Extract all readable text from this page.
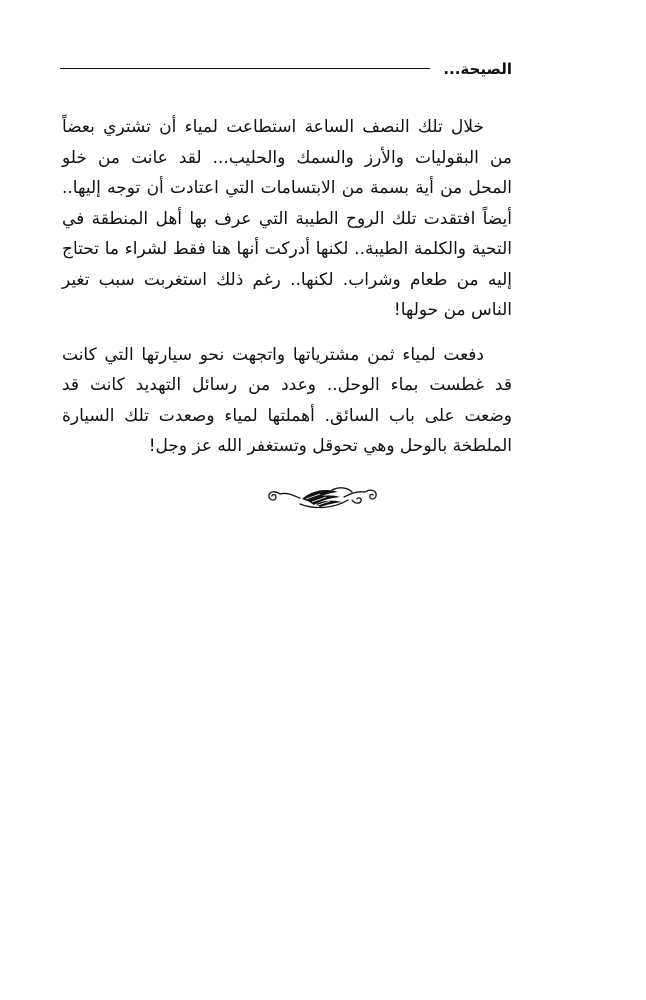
الصيحة...

خلال تلك النصف الساعة استطاعت لمياء أن تشتري بعضاً من البقوليات والأرز والسمك والحليب... لقد عانت من خلو المحل من أية بسمة من الابتسامات التي اعتادت أن توجه إليها.. أيضاً افتقدت تلك الروح الطيبة التي عرف بها أهل المنطقة في التحية والكلمة الطيبة.. لكنها أدركت أنها هنا فقط لشراء ما تحتاج إليه من طعام وشراب. لكنها.. رغم ذلك استغربت سبب تغير الناس من حولها!

دفعت لمياء ثمن مشترياتها واتجهت نحو سيارتها التي كانت قد غطست بماء الوحل.. وعدد من رسائل التهديد كانت قد وضعت على باب السائق. أهملتها لمياء وصعدت تلك السيارة الملطخة بالوحل وهي تحوقل وتستغفر الله عز وجل!
